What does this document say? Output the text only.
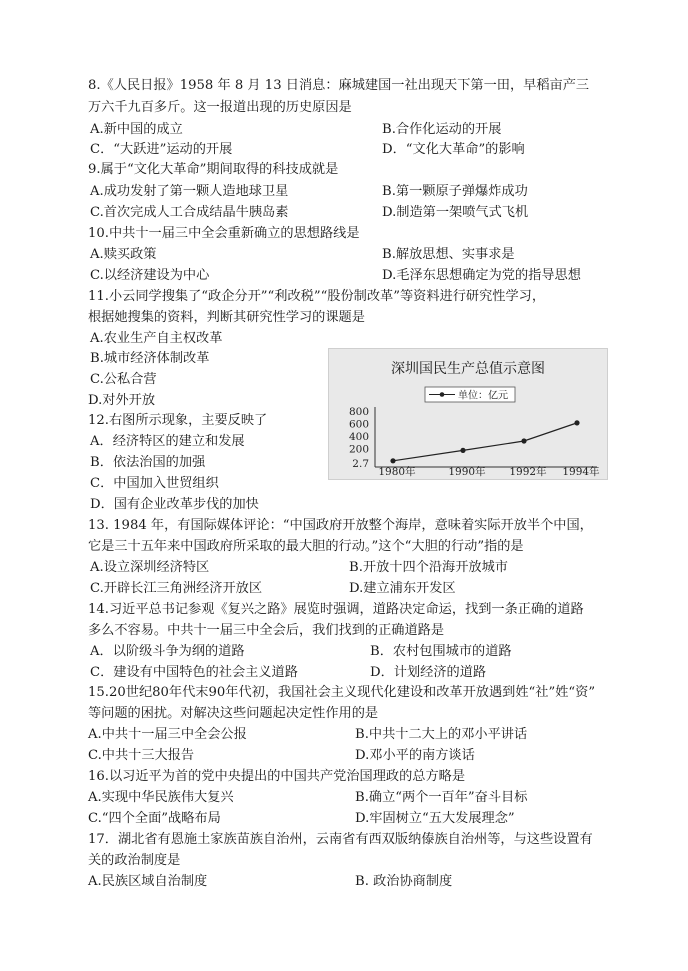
8.《人民日报》1958 年 8 月 13 日消息：麻城建国一社出现天下第一田，早稻亩产三
万六千九百多斤。这一报道出现的历史原因是
A.新中国的成立	B.合作化运动的开展
C．“大跃进”运动的开展	D．“文化大革命”的影响
9.属于“文化大革命”期间取得的科技成就是
A.成功发射了第一颗人造地球卫星	B.第一颗原子弹爆炸成功
C.首次完成人工合成结晶牛胰岛素	D.制造第一架喷气式飞机
10.中共十一届三中全会重新确立的思想路线是
A.赎买政策	B.解放思想、实事求是
C.以经济建设为中心	D.毛泽东思想确定为党的指导思想
11.小云同学搜集了“政企分开”“利改税”“股份制改革”等资料进行研究性学习，
根据她搜集的资料，判断其研究性学习的课题是
A.农业生产自主权改革
B.城市经济体制改革
C.公私合营
D.对外开放
12.右图所示现象，主要反映了
A．经济特区的建立和发展
B．依法治国的加强
C．中国加入世贸组织
D．国有企业改革步伐的加快
深圳国民生产总值示意图
单位：亿元
800
600
400
200
2.7
1980年	1990年 1992年 1994年
13. 1984 年，有国际媒体评论：“中国政府开放整个海岸，意味着实际开放半个中国，
它是三十五年来中国政府所采取的最大胆的行动。”这个“大胆的行动”指的是
A.设立深圳经济特区	B.开放十四个沿海开放城市
C.开辟长江三角洲经济开放区	D.建立浦东开发区
14.习近平总书记参观《复兴之路》展览时强调，道路决定命运，找到一条正确的道路
多么不容易。中共十一届三中全会后，我们找到的正确道路是
A．以阶级斗争为纲的道路	B．农村包围城市的道路
C．建设有中国特色的社会主义道路	D．计划经济的道路
15.20世纪80年代末90年代初，我国社会主义现代化建设和改革开放遇到姓“社”姓“资”
等问题的困扰。对解决这些问题起决定性作用的是
A.中共十一届三中全会公报	B.中共十二大上的邓小平讲话
C.中共十三大报告	D.邓小平的南方谈话
16.以习近平为首的党中央提出的中国共产党治国理政的总方略是
A.实现中华民族伟大复兴	B.确立“两个一百年”奋斗目标
C.“四个全面”战略布局	D.牢固树立“五大发展理念”
17．湖北省有恩施土家族苗族自治州，云南省有西双版纳傣族自治州等，与这些设置有
关的政治制度是
A.民族区域自治制度	B. 政治协商制度
